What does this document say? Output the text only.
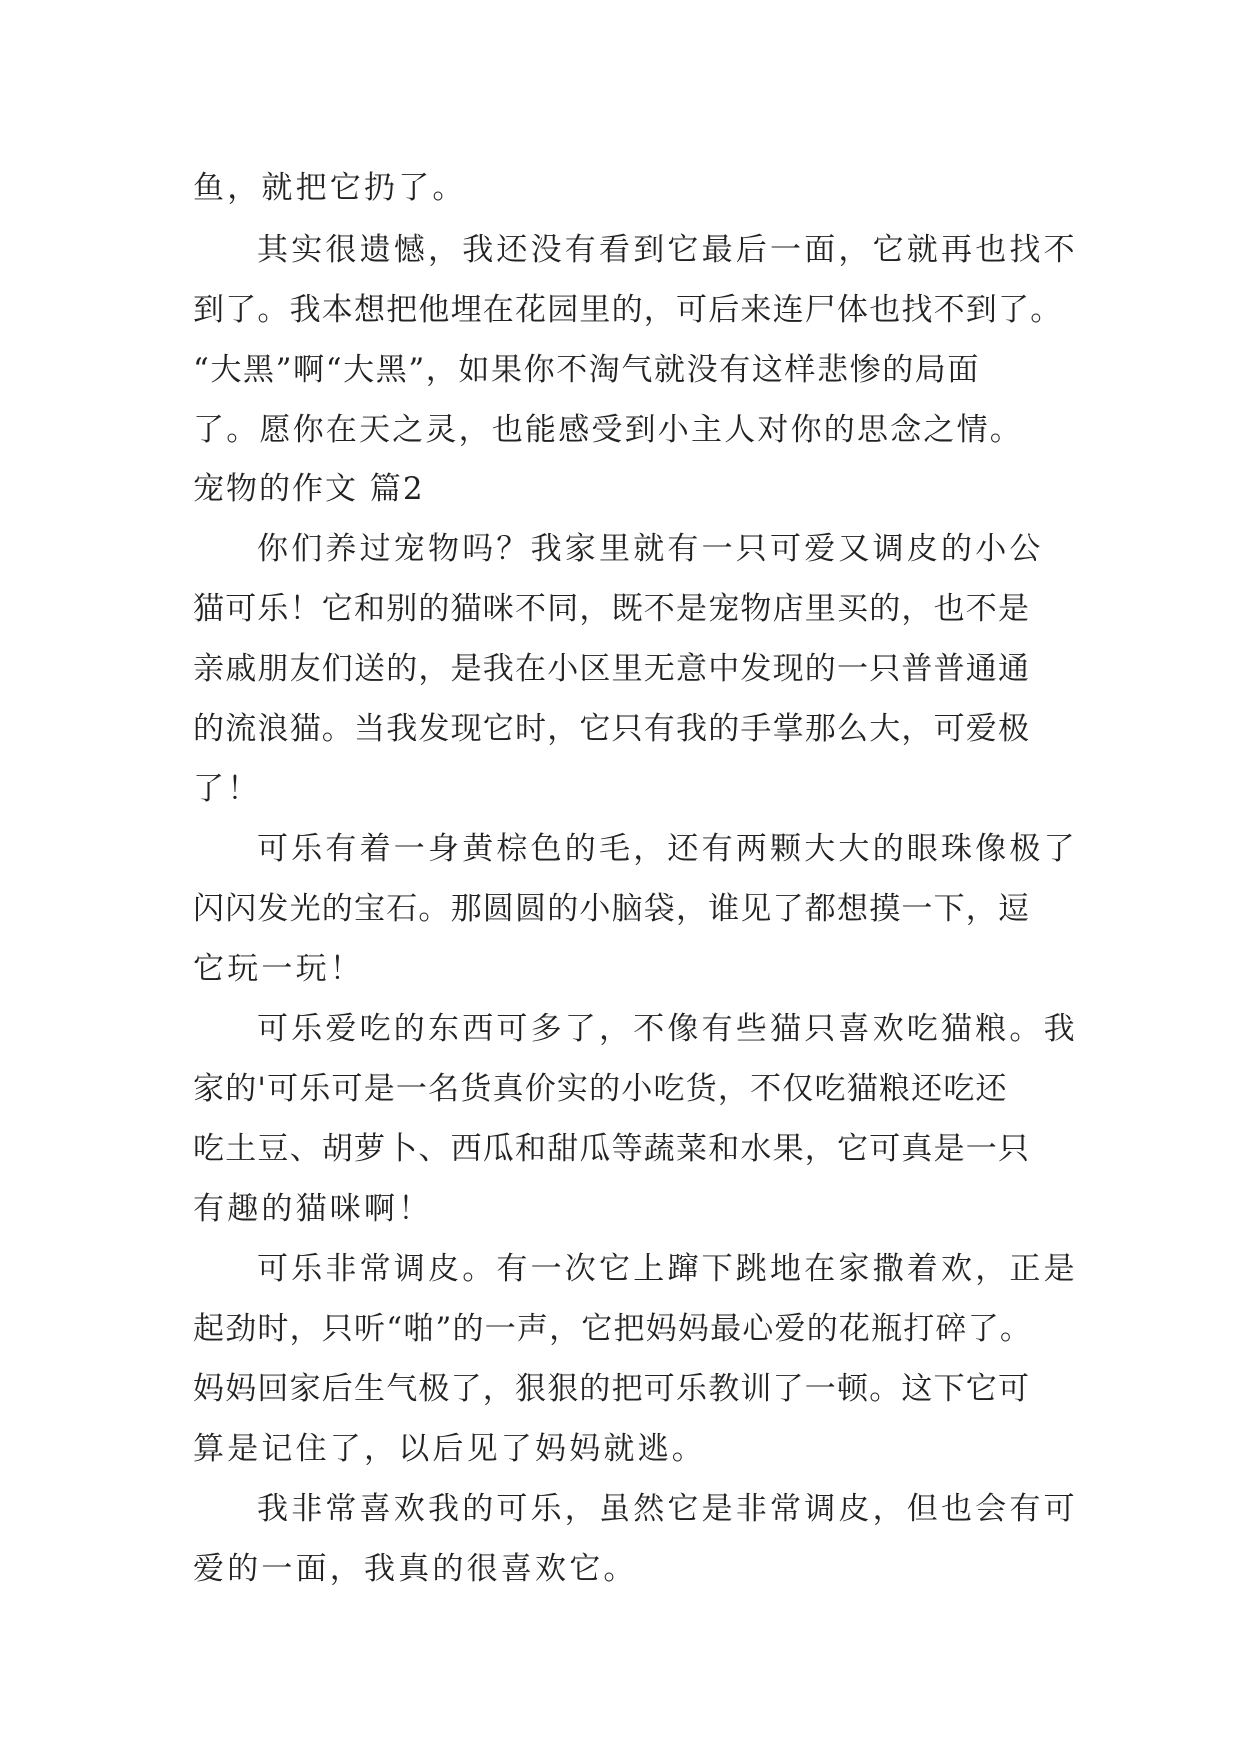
鱼，就把它扔了。
其实很遗憾，我还没有看到它最后一面，它就再也找不
到了。我本想把他埋在花园里的，可后来连尸体也找不到了。
“大黑”啊“大黑”，如果你不淘气就没有这样悲惨的局面
了。愿你在天之灵，也能感受到小主人对你的思念之情。
宠物的作文 篇2
你们养过宠物吗？我家里就有一只可爱又调皮的小公
猫可乐！它和别的猫咪不同，既不是宠物店里买的，也不是
亲戚朋友们送的，是我在小区里无意中发现的一只普普通通
的流浪猫。当我发现它时，它只有我的手掌那么大，可爱极
了！
可乐有着一身黄棕色的毛，还有两颗大大的眼珠像极了
闪闪发光的宝石。那圆圆的小脑袋，谁见了都想摸一下，逗
它玩一玩！
可乐爱吃的东西可多了，不像有些猫只喜欢吃猫粮。我
家的'可乐可是一名货真价实的小吃货，不仅吃猫粮还吃还
吃土豆、胡萝卜、西瓜和甜瓜等蔬菜和水果，它可真是一只
有趣的猫咪啊！
可乐非常调皮。有一次它上蹿下跳地在家撒着欢，正是
起劲时，只听“啪”的一声，它把妈妈最心爱的花瓶打碎了。
妈妈回家后生气极了，狠狠的把可乐教训了一顿。这下它可
算是记住了，以后见了妈妈就逃。
我非常喜欢我的可乐，虽然它是非常调皮，但也会有可
爱的一面，我真的很喜欢它。
